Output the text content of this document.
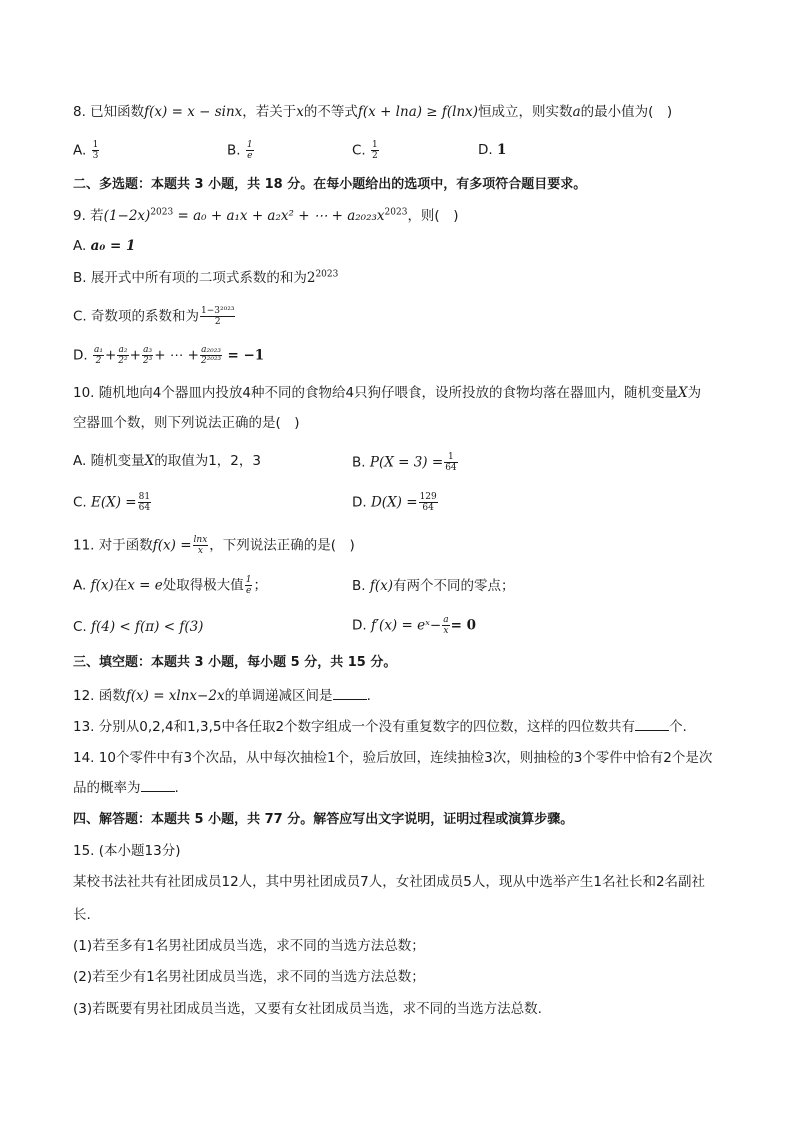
8. 已知函数f(x) = x − sinx，若关于x的不等式f(x + lna) ≥ f(lnx)恒成立，则实数a的最小值为(　)
A. $\frac{1}{3}$	B. $\frac{1}{e}$	C. $\frac{1}{2}$	D. 1
二、多选题：本题共 3 小题，共 18 分。在每小题给出的选项中，有多项符合题目要求。
9. 若$(1-2x)^{2023} = a_0 + a_1x + a_2x^2$ + ⋯ + $a_{2023}x^{2023}$，则(　)
A. a₀ = 1
B. 展开式中所有项的二项式系数的和为$2^{2023}$
C. 奇数项的系数和为 $\frac{\text{1−3²⁰²³}}{2}$
D. $\frac{\text{a₁}}{2} + \frac{\text{a₂}}{\text{2²}} + \frac{\text{a₃}}{\text{2³}}$ + ⋯ + $\frac{\text{a₂₀₂₃}}{\text{2²⁰²³}} = -1$
10. 随机地向4个器皿内投放4种不同的食物给4只狗仔喂食，设所投放的食物均落在器皿内，随机变量X为
空器皿个数，则下列说法正确的是(　)
A. 随机变量X的取值为1，2，3	B. $P(X = 3) = \frac{1}{64}$
C. $E(X) = \frac{81}{64}$	D. $D(X) = \frac{129}{64}$
11. 对于函数$f(x) = \frac{\ln x}{x}$ ，下列说法正确的是(　)
A. f(x)在x = e处取得极大值 $\frac{1}{e}$ ；	B. f(x)有两个不同的零点；
C. f(4) < f(π) < f(3)	D. f′(x) = eˣ− $\frac{a}{x} = 0$
三、填空题：本题共 3 小题，每小题 5 分，共 15 分。
12. 函数f(x) = xlnx−2x的单调递减区间是	.
13. 分别从0,2,4和1,3,5中各任取2个数字组成一个没有重复数字的四位数，这样的四位数共有	个.
14. 10个零件中有3个次品，从中每次抽检1个，验后放回，连续抽检3次，则抽检的3个零件中恰有2个是次
品的概率为	.
四、解答题：本题共 5 小题，共 77 分。解答应写出文字说明，证明过程或演算步骤。
15. (本小题13分)
某校书法社共有社团成员12人，其中男社团成员7人，女社团成员5人，现从中选举产生1名社长和2名副社
长.
(1)若至多有1名男社团成员当选，求不同的当选方法总数；
(2)若至少有1名男社团成员当选，求不同的当选方法总数；
(3)若既要有男社团成员当选，又要有女社团成员当选，求不同的当选方法总数.
